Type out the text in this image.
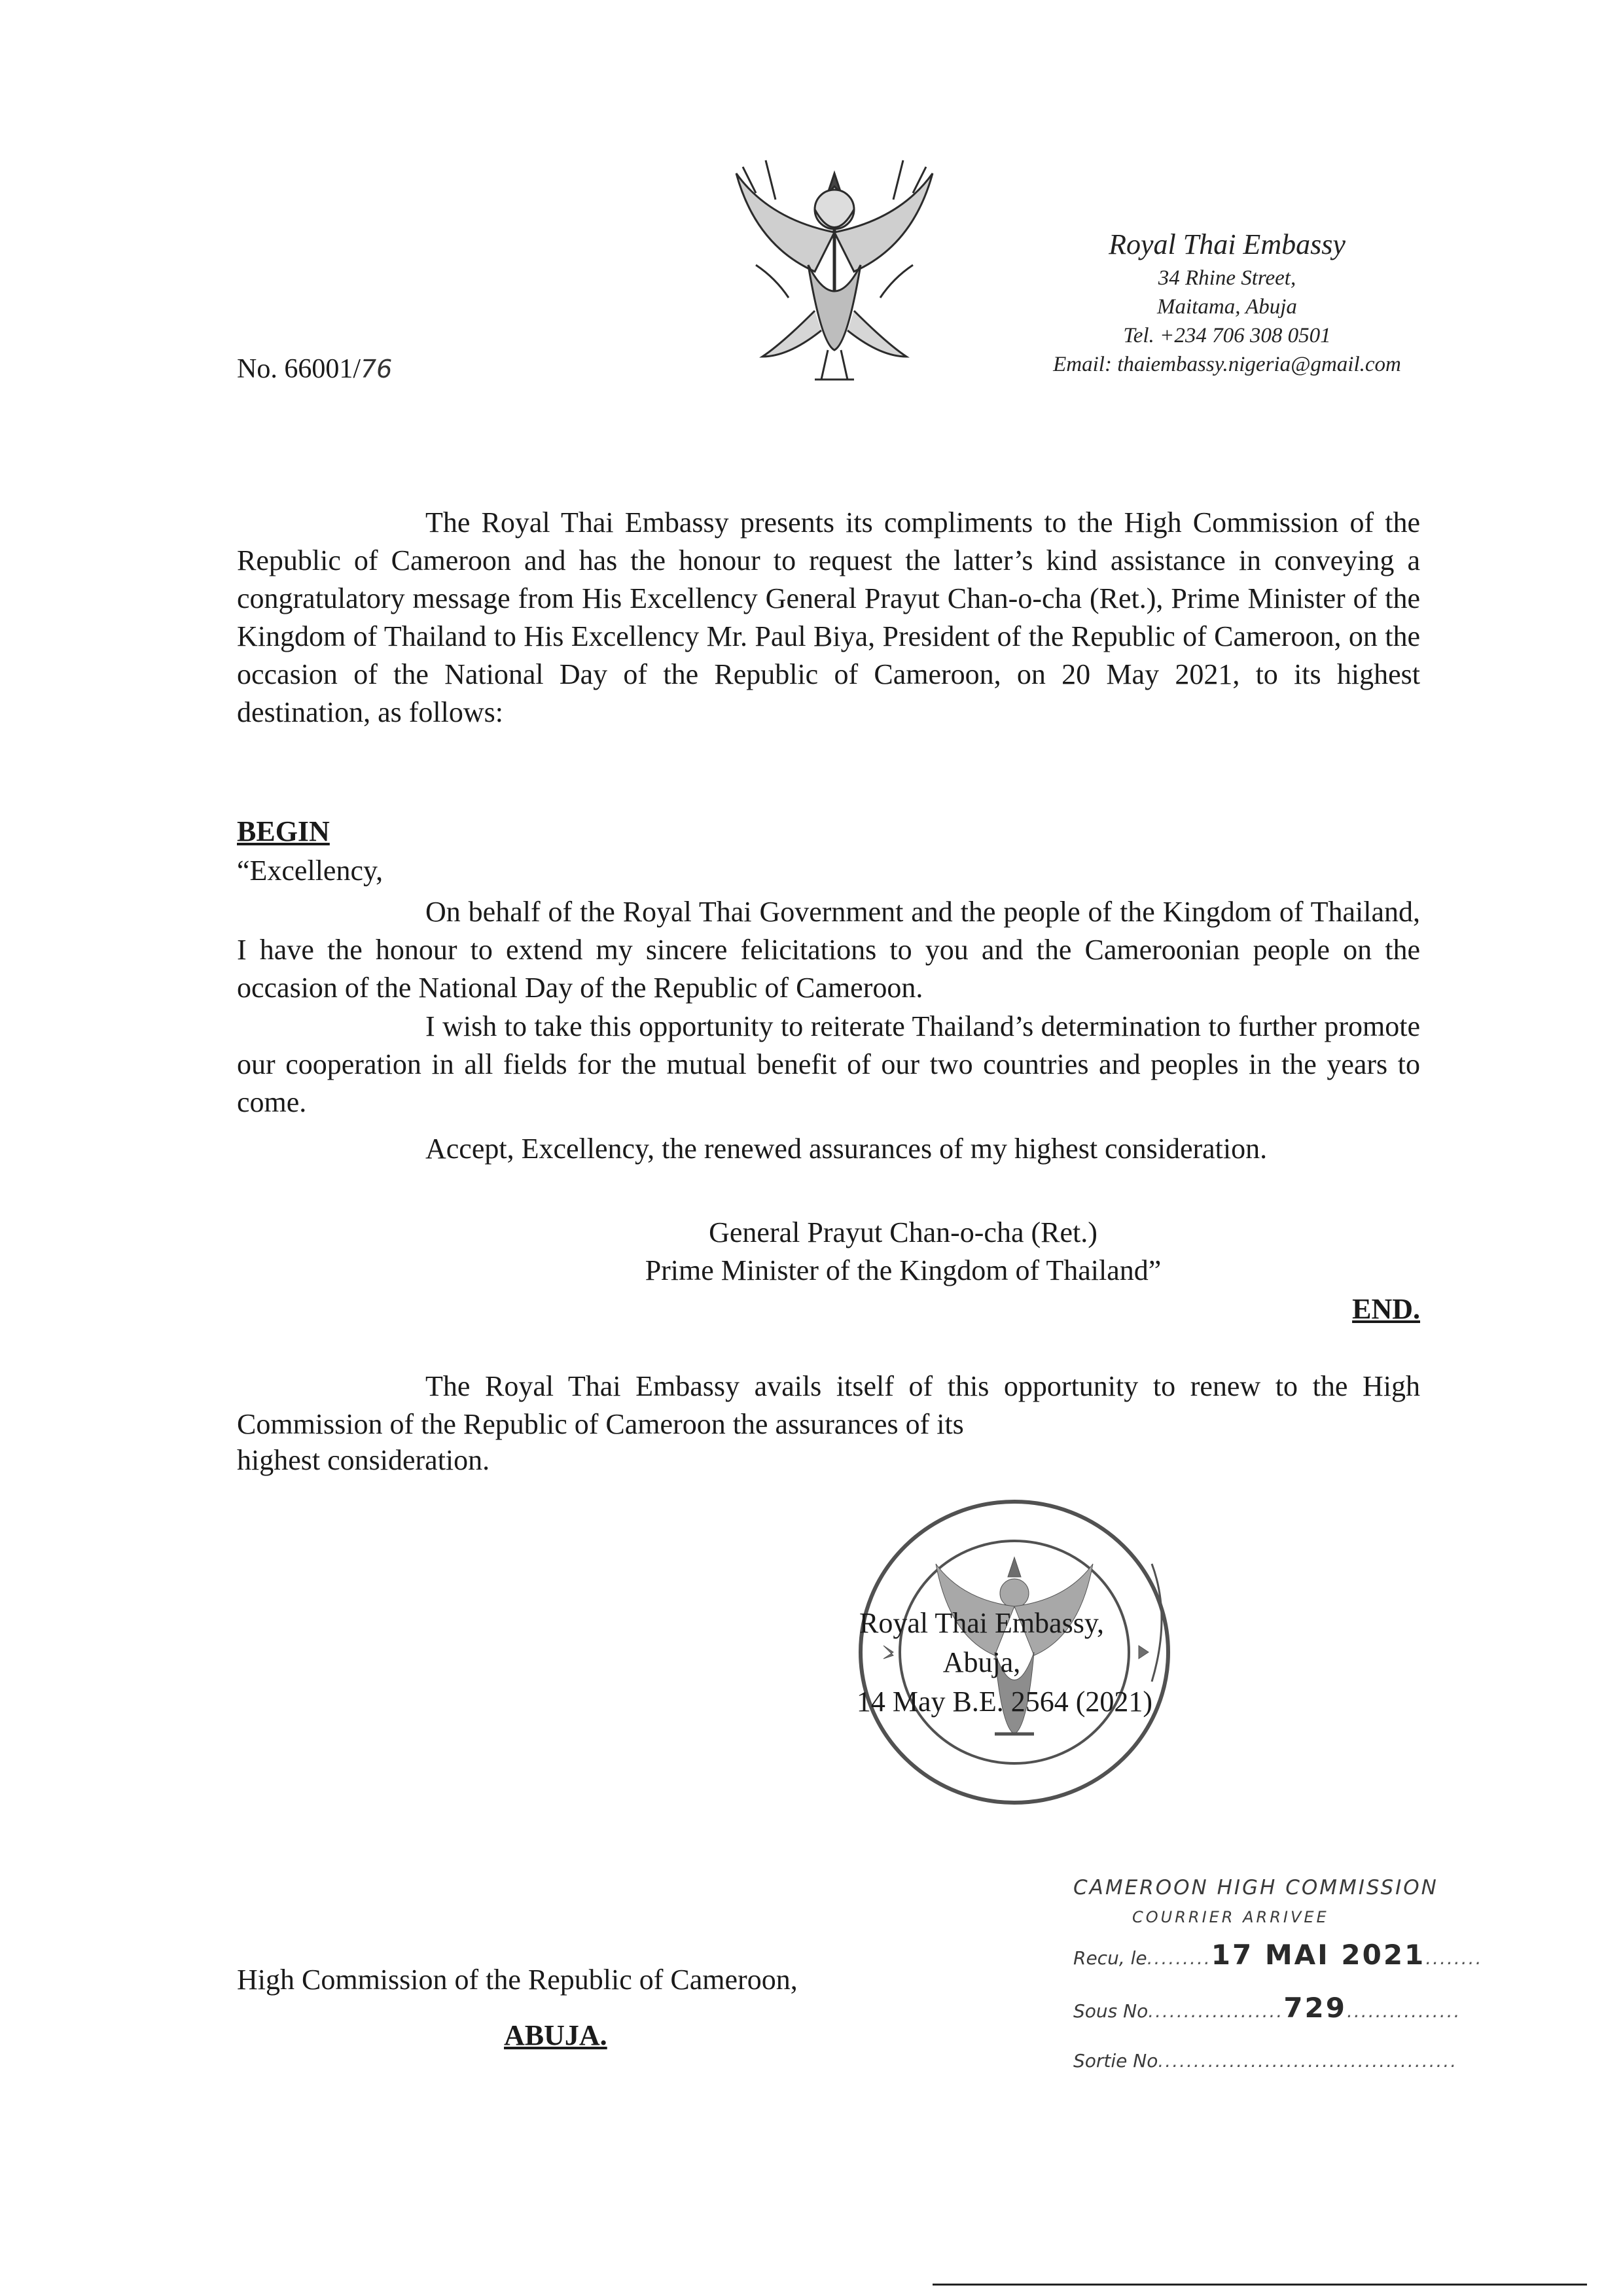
No. 66001/76
Royal Thai Embassy
34 Rhine Street,
Maitama, Abuja
Tel. +234 706 308 0501
Email: thaiembassy.nigeria@gmail.com
The Royal Thai Embassy presents its compliments to the High Commission of the Republic of Cameroon and has the honour to request the latter’s kind assistance in conveying a congratulatory message from His Excellency General Prayut Chan-o-cha (Ret.), Prime Minister of the Kingdom of Thailand to His Excellency Mr. Paul Biya, President of the Republic of Cameroon, on the occasion of the National Day of the Republic of Cameroon, on 20 May 2021, to its highest destination, as follows:
BEGIN
“Excellency,
On behalf of the Royal Thai Government and the people of the Kingdom of Thailand, I have the honour to extend my sincere felicitations to you and the Cameroonian people on the occasion of the National Day of the Republic of Cameroon.
I wish to take this opportunity to reiterate Thailand’s determination to further promote our cooperation in all fields for the mutual benefit of our two countries and peoples in the years to come.
Accept, Excellency, the renewed assurances of my highest consideration.
General Prayut Chan-o-cha (Ret.)
Prime Minister of the Kingdom of Thailand”
END.
The Royal Thai Embassy avails itself of this opportunity to renew to the High Commission of the Republic of Cameroon the assurances of its
highest consideration.
Royal Thai Embassy,
Abuja,
14 May B.E. 2564 (2021)
High Commission of the Republic of Cameroon,
ABUJA.
CAMEROON HIGH COMMISSION
COURRIER ARRIVEE
Recu, le.........17 MAI 2021........
Sous No...................729................
Sortie No..........................................
